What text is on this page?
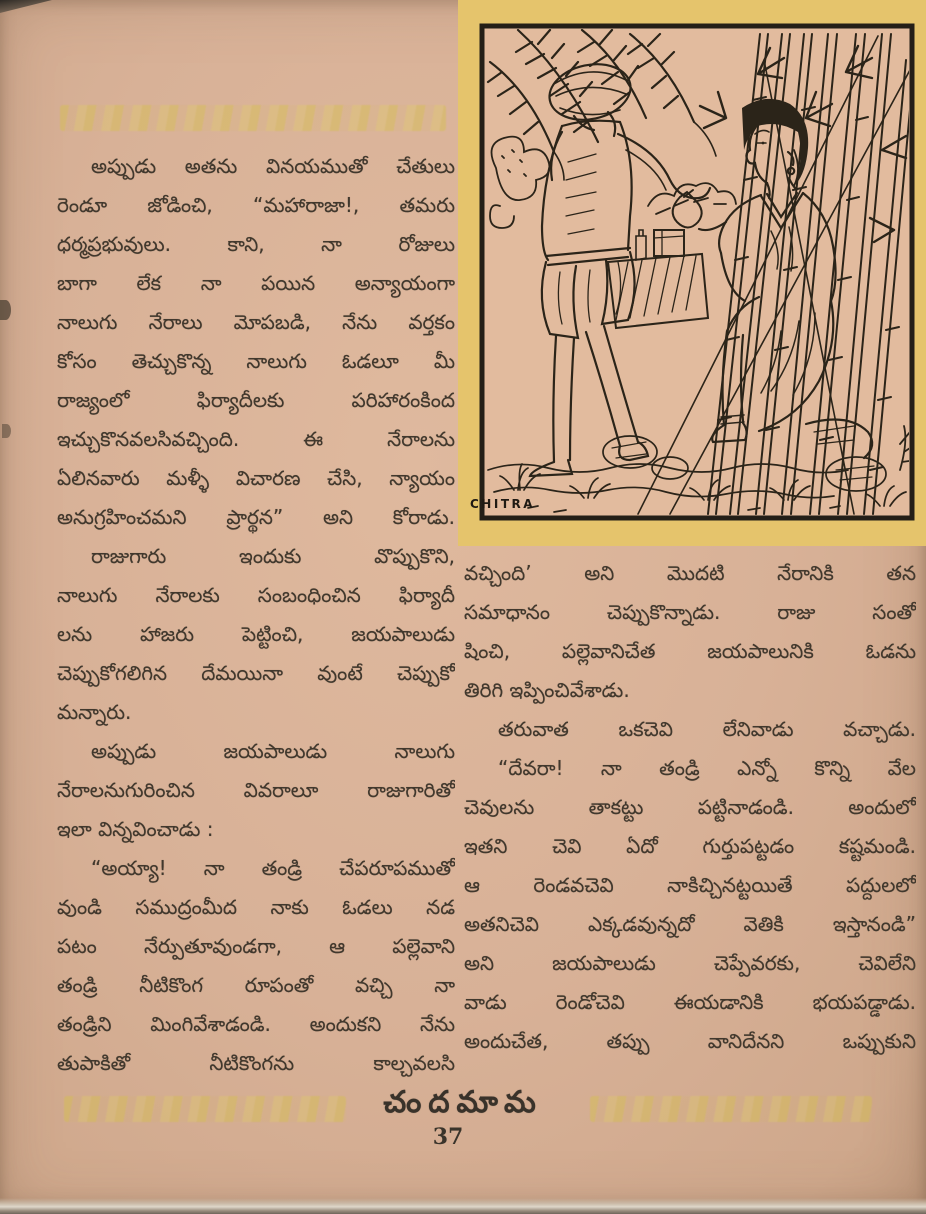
CHITRA
అప్పుడు అతను వినయముతో చేతులు
రెండూ జోడించి, “మహారాజా!, తమరు
ధర్మప్రభువులు. కాని, నా రోజులు
బాగా లేక నా పయిన అన్యాయంగా
నాలుగు నేరాలు మోపబడి, నేను వర్తకం
కోసం తెచ్చుకొన్న నాలుగు ఓడలూ మీ
రాజ్యంలో ఫిర్యాదీలకు పరిహారంకింద
ఇచ్చుకొనవలసివచ్చింది. ఈ నేరాలను
ఏలినవారు మళ్ళీ విచారణ చేసి, న్యాయం
అనుగ్రహించమని ప్రార్థన” అని కోరాడు.
రాజుగారు ఇందుకు వొప్పుకొని,
నాలుగు నేరాలకు సంబంధించిన ఫిర్యాదీ
లను హాజరు పెట్టించి, జయపాలుడు
చెప్పుకోగలిగిన దేమయినా వుంటే చెప్పుకో
మన్నారు.
అప్పుడు జయపాలుడు నాలుగు
నేరాలనుగురించిన వివరాలూ రాజుగారితో
ఇలా విన్నవించాడు :
“అయ్యా! నా తండ్రి చేపరూపముతో
వుండి సముద్రంమీద నాకు ఓడలు నడ
పటం నేర్పుతూవుండగా, ఆ పల్లెవాని
తండ్రి నీటికొంగ రూపంతో వచ్చి నా
తండ్రిని మింగివేశాడండి. అందుకని నేను
తుపాకితో నీటికొంగను కాల్చవలసి
వచ్చింది’ అని మొదటి నేరానికి తన
సమాధానం చెప్పుకొన్నాడు. రాజు సంతో
షించి, పల్లెవానిచేత జయపాలునికి ఓడను
తిరిగి ఇప్పించివేశాడు.
తరువాత ఒకచెవి లేనివాడు వచ్చాడు.
“దేవరా! నా తండ్రి ఎన్నో కొన్ని వేల
చెవులను తాకట్టు పట్టినాడండి. అందులో
ఇతని చెవి ఏదో గుర్తుపట్టడం కష్టమండి.
ఆ రెండవచెవి నాకిచ్చినట్టయితే పద్దులలో
అతనిచెవి ఎక్కడవున్నదో వెతికి ఇస్తానండి”
అని జయపాలుడు చెప్పేవరకు, చెవిలేని
వాడు రెండోచెవి ఈయడానికి భయపడ్డాడు.
అందుచేత, తప్పు వానిదేనని ఒప్పుకుని
చందమామ
37
